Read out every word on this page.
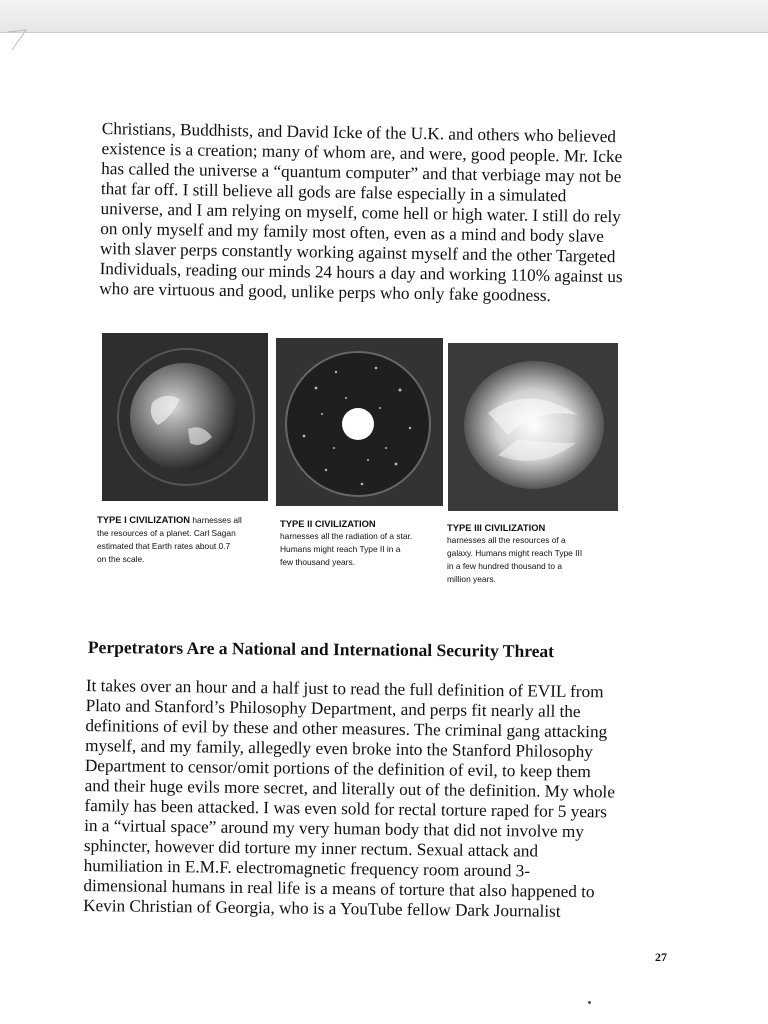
Christians, Buddhists, and David Icke of the U.K. and others who believed
existence is a creation; many of whom are, and were, good people. Mr. Icke
has called the universe a “quantum computer” and that verbiage may not be
that far off. I still believe all gods are false especially in a simulated
universe, and I am relying on myself, come hell or high water. I still do rely
on only myself and my family most often, even as a mind and body slave
with slaver perps constantly working against myself and the other Targeted
Individuals, reading our minds 24 hours a day and working 110% against us
who are virtuous and good, unlike perps who only fake goodness.
TYPE I CIVILIZATION harnesses all
the resources of a planet. Carl Sagan
estimated that Earth rates about 0.7
on the scale.
TYPE II CIVILIZATION
harnesses all the radiation of a star.
Humans might reach Type II in a
few thousand years.
TYPE III CIVILIZATION
harnesses all the resources of a
galaxy. Humans might reach Type III
in a few hundred thousand to a
million years.
Perpetrators Are a National and International Security Threat
It takes over an hour and a half just to read the full definition of EVIL from
Plato and Stanford’s Philosophy Department, and perps fit nearly all the
definitions of evil by these and other measures. The criminal gang attacking
myself, and my family, allegedly even broke into the Stanford Philosophy
Department to censor/omit portions of the definition of evil, to keep them
and their huge evils more secret, and literally out of the definition. My whole
family has been attacked. I was even sold for rectal torture raped for 5 years
in a “virtual space” around my very human body that did not involve my
sphincter, however did torture my inner rectum. Sexual attack and
humiliation in E.M.F. electromagnetic frequency room around 3-
dimensional humans in real life is a means of torture that also happened to
Kevin Christian of Georgia, who is a YouTube fellow Dark Journalist
27
